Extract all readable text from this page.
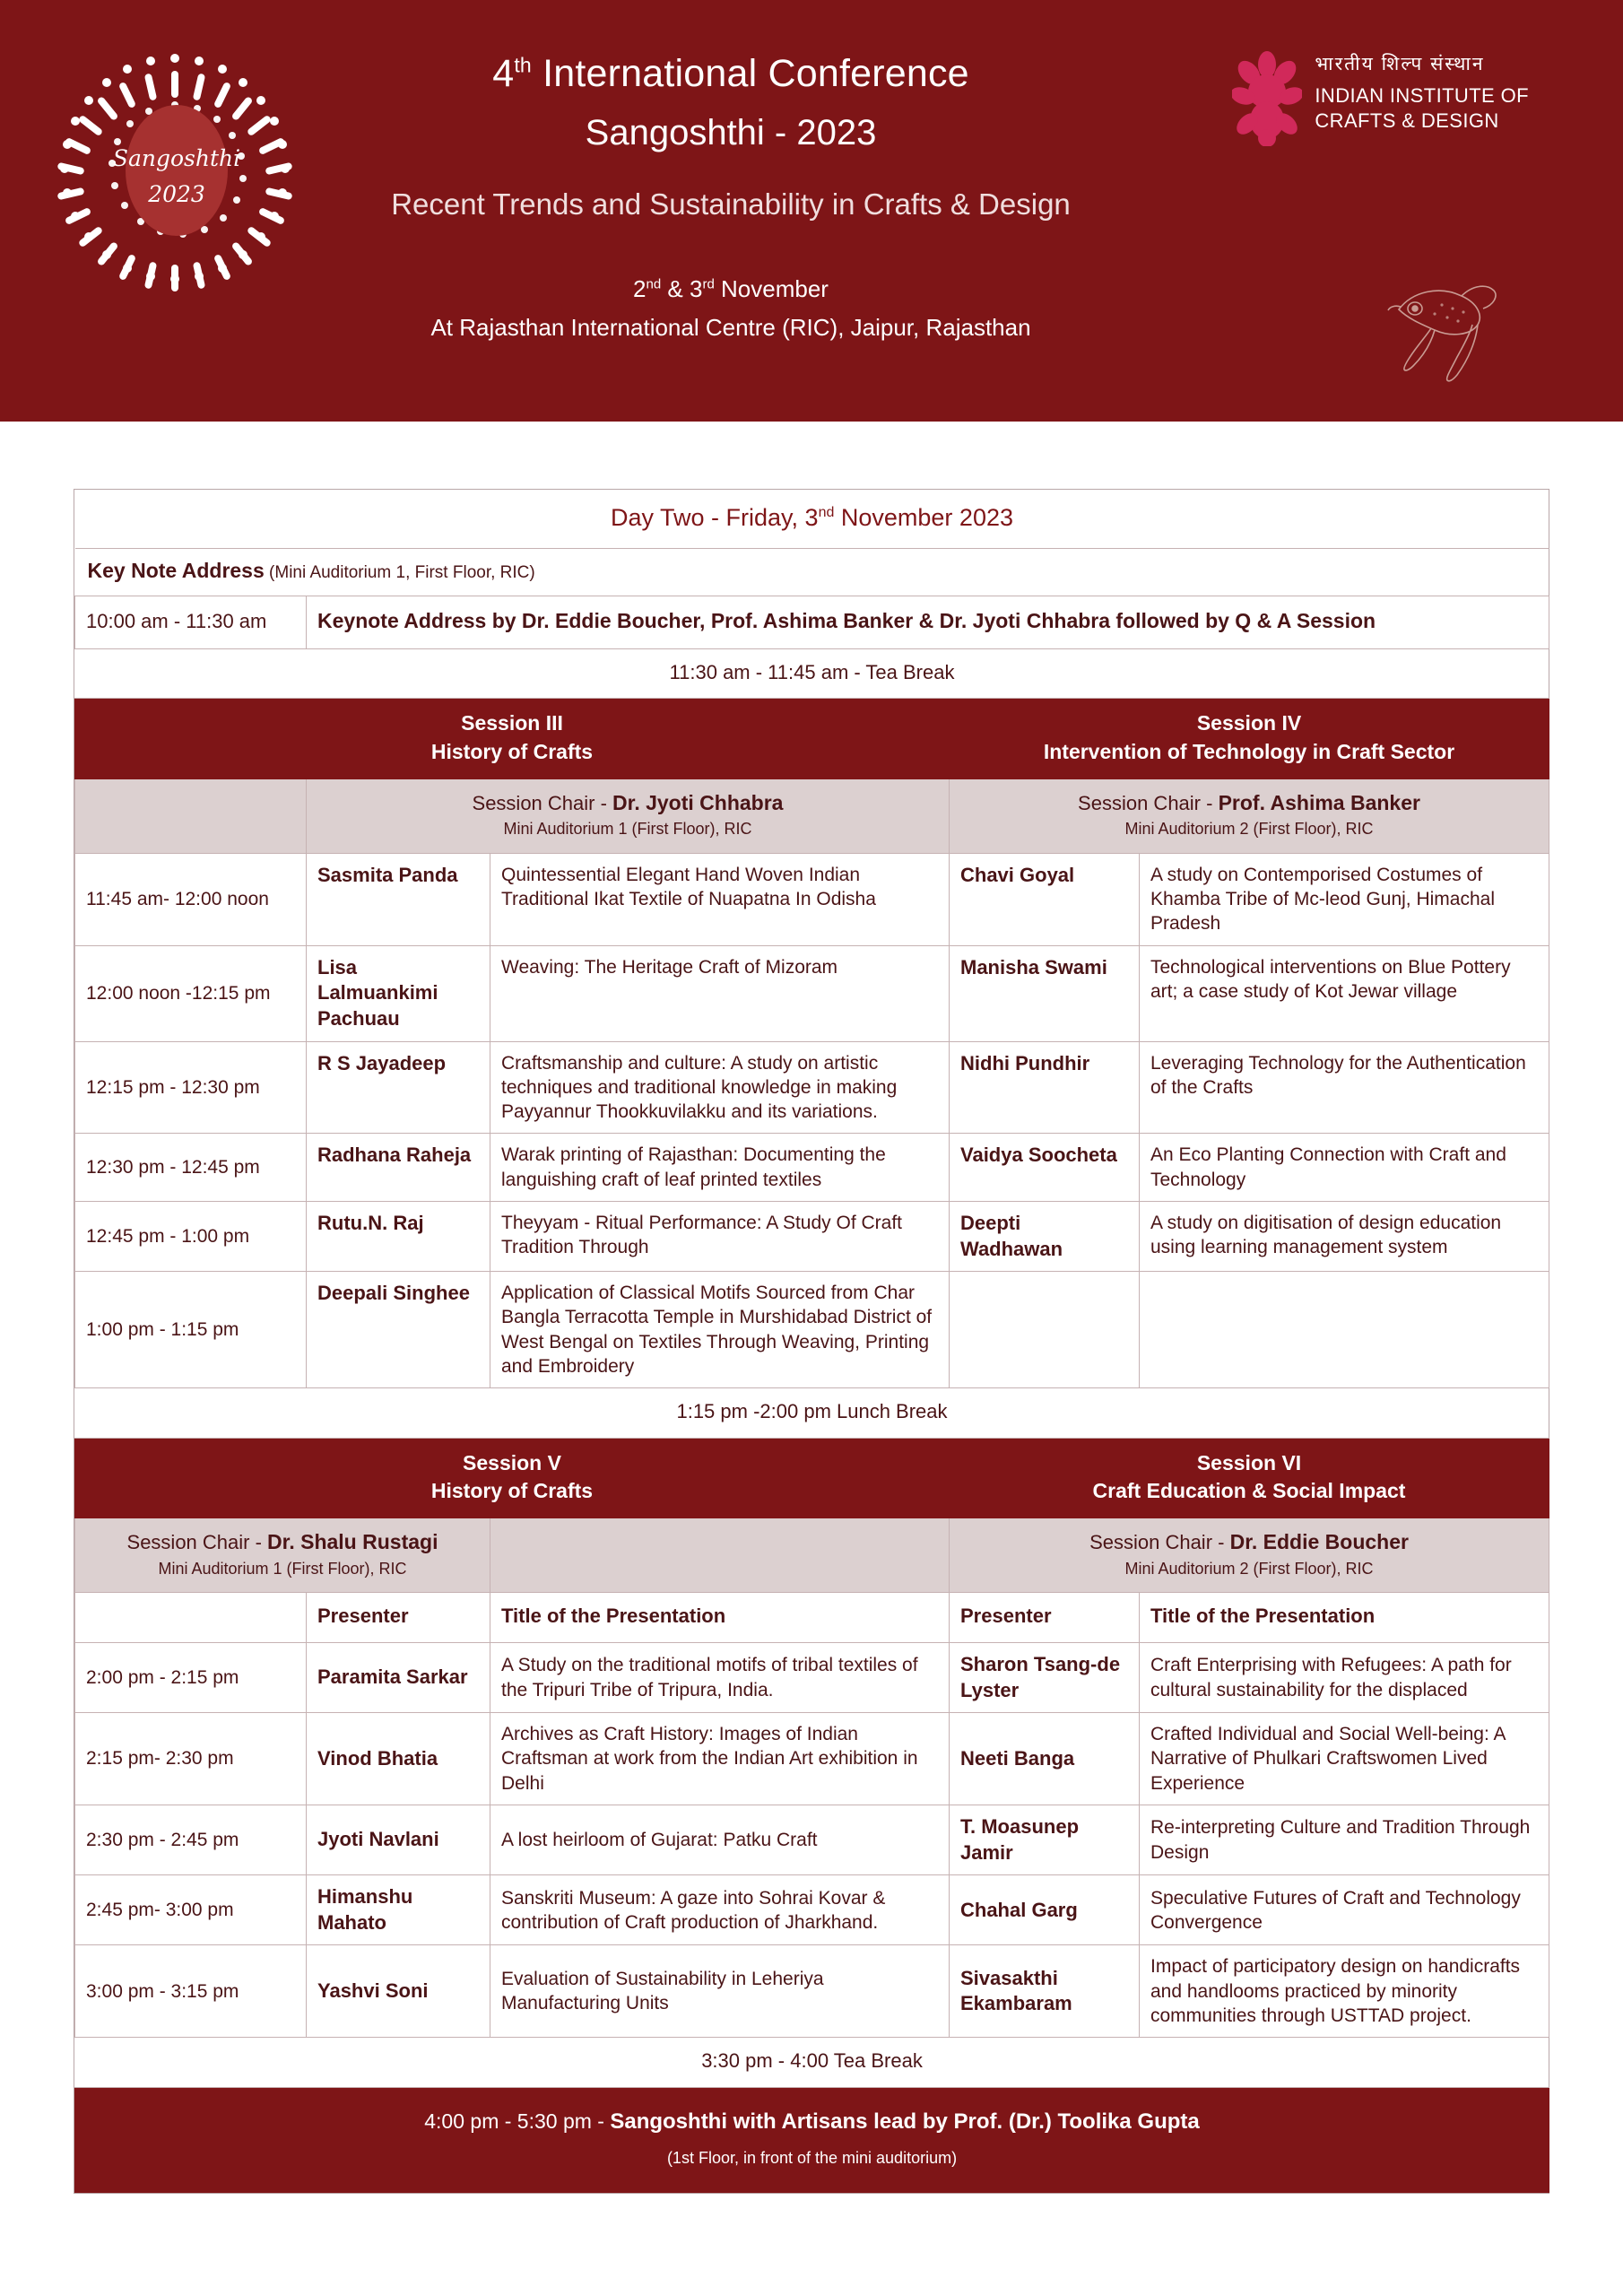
Sangoshthi
2023
4th International Conference
Sangoshthi - 2023
Recent Trends and Sustainability in Crafts & Design
2nd & 3rd November
At Rajasthan International Centre (RIC), Jaipur, Rajasthan
भारतीय शिल्प संस्थान
INDIAN INSTITUTE OF
CRAFTS & DESIGN
Day Two - Friday, 3nd November 2023				
Key Note Address (Mini Auditorium 1, First Floor, RIC)				
10:00 am - 11:30 am	Keynote Address by Dr. Eddie Boucher, Prof. Ashima Banker & Dr. Jyoti Chhabra followed by Q & A Session			
11:30 am - 11:45 am - Tea Break				
Session III
History of Crafts			Session IV
Intervention of Technology in Craft Sector	
	Session Chair - Dr. Jyoti Chhabra
Mini Auditorium 1 (First Floor), RIC		Session Chair - Prof. Ashima Banker
Mini Auditorium 2 (First Floor), RIC	

11:45 am- 12:00 noon	Sasmita Panda	Quintessential Elegant Hand Woven Indian Traditional Ikat Textile of Nuapatna In Odisha	Chavi Goyal	A study on Contemporised Costumes of Khamba Tribe of Mc-leod Gunj, Himachal Pradesh
12:00 noon -12:15 pm	Lisa Lalmuankimi Pachuau	Weaving: The Heritage Craft of Mizoram	Manisha Swami	Technological interventions on Blue Pottery art; a case study of Kot Jewar village
12:15 pm - 12:30 pm	R S Jayadeep	Craftsmanship and culture: A study on artistic techniques and traditional knowledge in making Payyannur Thookkuvilakku and its variations.	Nidhi Pundhir	Leveraging Technology for the Authentication of the Crafts
12:30 pm - 12:45 pm	Radhana Raheja	Warak printing of Rajasthan: Documenting the languishing craft of leaf printed textiles	Vaidya Soocheta	An Eco Planting Connection with Craft and Technology
12:45 pm - 1:00 pm	Rutu.N. Raj	Theyyam - Ritual Performance: A Study Of Craft Tradition Through	Deepti Wadhawan	A study on digitisation of design education using learning management system
1:00 pm - 1:15 pm	Deepali Singhee	Application of Classical Motifs Sourced from Char Bangla Terracotta Temple in Murshidabad District of West Bengal on Textiles Through Weaving, Printing and Embroidery		
1:15 pm -2:00 pm Lunch Break				
Session V
History of Crafts			Session VI
Craft Education & Social Impact	
Session Chair - Dr. Shalu Rustagi
Mini Auditorium 1 (First Floor), RIC			Session Chair - Dr. Eddie Boucher
Mini Auditorium 2 (First Floor), RIC	

	Presenter	Title of the Presentation	Presenter	Title of the Presentation
2:00 pm - 2:15 pm	Paramita Sarkar	A Study on the traditional motifs of tribal textiles of the Tripuri Tribe of Tripura, India.	Sharon Tsang-de Lyster	Craft Enterprising with Refugees: A path for cultural sustainability for the displaced
2:15 pm- 2:30 pm	Vinod Bhatia	Archives as Craft History: Images of Indian Craftsman at work from the Indian Art exhibition in Delhi	Neeti Banga	Crafted Individual and Social Well-being: A Narrative of Phulkari Craftswomen Lived Experience
2:30 pm - 2:45 pm	Jyoti Navlani	A lost heirloom of Gujarat: Patku Craft	T. Moasunep Jamir	Re-interpreting Culture and Tradition Through Design
2:45 pm- 3:00 pm	Himanshu Mahato	Sanskriti Museum: A gaze into Sohrai Kovar & contribution of Craft production of Jharkhand.	Chahal Garg	Speculative Futures of Craft and Technology Convergence
3:00 pm - 3:15 pm	Yashvi Soni	Evaluation of Sustainability in Leheriya Manufacturing Units	Sivasakthi Ekambaram	Impact of participatory design on handicrafts and handlooms practiced by minority communities through USTTAD project.
3:30 pm - 4:00 Tea Break				

4:00 pm - 5:30 pm - Sangoshthi with Artisans lead by Prof. (Dr.) Toolika Gupta
(1st Floor, in front of the mini auditorium)				
